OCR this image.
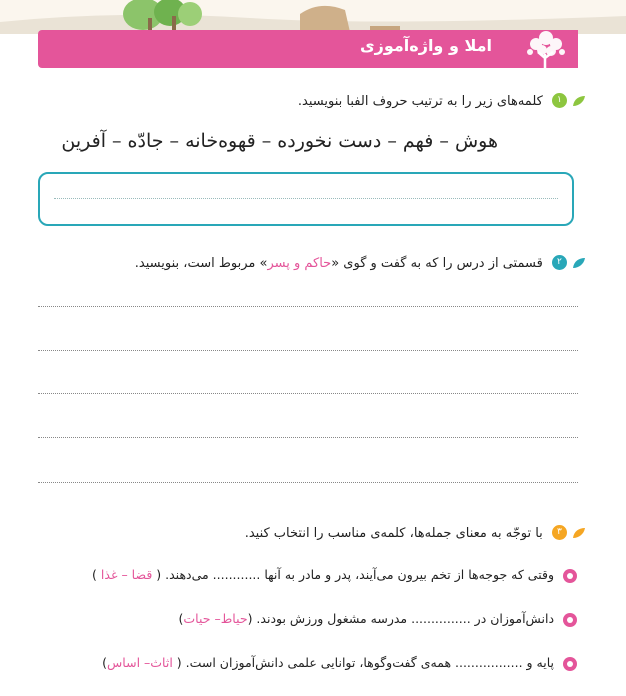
املا و واژه‌آموزی
۱ کلمه‌های زیر را به ترتیب حروف الفبا بنویسید.
هوش – فهم – دست نخورده – قهوه‌خانه – جادّه – آفرین
۲ قسمتی از درس را که به گفت و گوی «حاکم و پسر» مربوط است، بنویسید.
۳ با توجّه به معنای جمله‌ها، کلمه‌ی مناسب را انتخاب کنید.
وقتی که جوجه‌ها از تخم بیرون می‌آیند، پدر و مادر به آنها ............ می‌دهند. ( قضا – غذا )
دانش‌آموزان در ............... مدرسه مشغول ورزش بودند. (حیاط– حیات)
پایه و ................. همه‌ی گفت‌وگوها، توانایی علمی دانش‌آموزان است. ( اثاث– اساس)
